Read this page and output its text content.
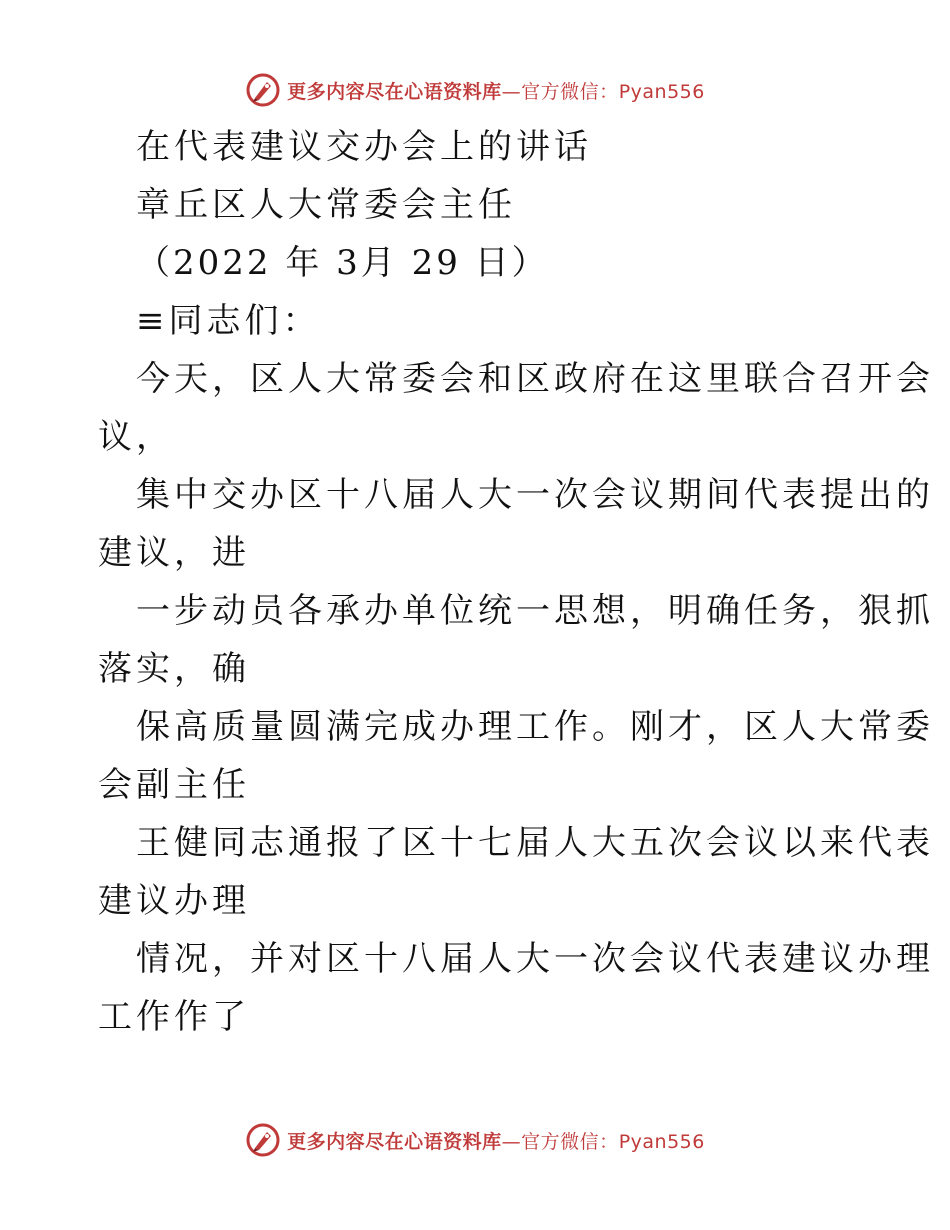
更多内容尽在心语资料库—官方微信：Pyan556
在代表建议交办会上的讲话
章丘区人大常委会主任
（2022 年 3月 29 日）
≡同志们：
今天，区人大常委会和区政府在这里联合召开会
议，
集中交办区十八届人大一次会议期间代表提出的
建议，进
一步动员各承办单位统一思想，明确任务，狠抓
落实，确
保高质量圆满完成办理工作。刚才，区人大常委
会副主任
王健同志通报了区十七届人大五次会议以来代表
建议办理
情况，并对区十八届人大一次会议代表建议办理
工作作了
更多内容尽在心语资料库—官方微信：Pyan556
